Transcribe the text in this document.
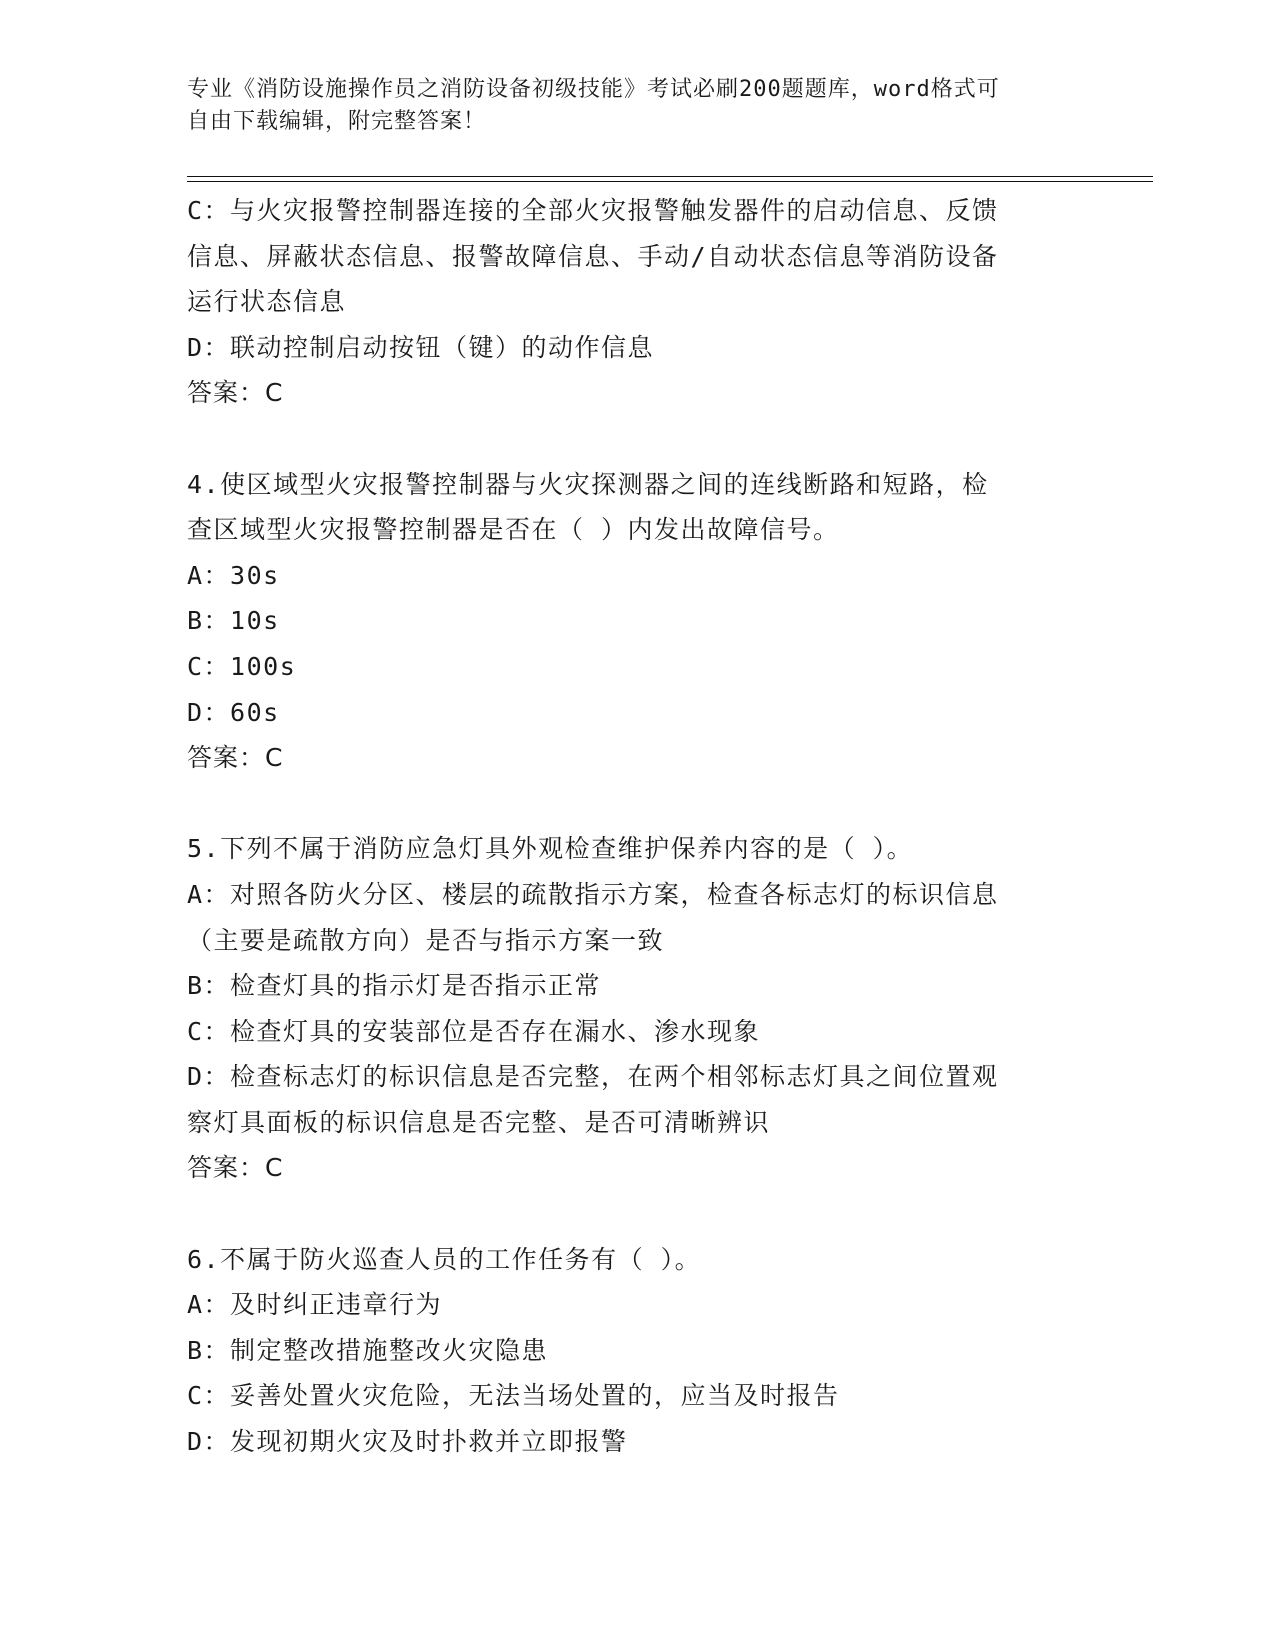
专业《消防设施操作员之消防设备初级技能》考试必刷200题题库，word格式可
自由下载编辑，附完整答案！
C：与火灾报警控制器连接的全部火灾报警触发器件的启动信息、反馈
信息、屏蔽状态信息、报警故障信息、手动/自动状态信息等消防设备
运行状态信息
D：联动控制启动按钮（键）的动作信息
答案：C
4.使区域型火灾报警控制器与火灾探测器之间的连线断路和短路，检
查区域型火灾报警控制器是否在（ ）内发出故障信号。
A：30s
B：10s
C：100s
D：60s
答案：C
5.下列不属于消防应急灯具外观检查维护保养内容的是（ ）。
A：对照各防火分区、楼层的疏散指示方案，检查各标志灯的标识信息
（主要是疏散方向）是否与指示方案一致
B：检查灯具的指示灯是否指示正常
C：检查灯具的安装部位是否存在漏水、渗水现象
D：检查标志灯的标识信息是否完整，在两个相邻标志灯具之间位置观
察灯具面板的标识信息是否完整、是否可清晰辨识
答案：C
6.不属于防火巡查人员的工作任务有（ ）。
A：及时纠正违章行为
B：制定整改措施整改火灾隐患
C：妥善处置火灾危险，无法当场处置的，应当及时报告
D：发现初期火灾及时扑救并立即报警
